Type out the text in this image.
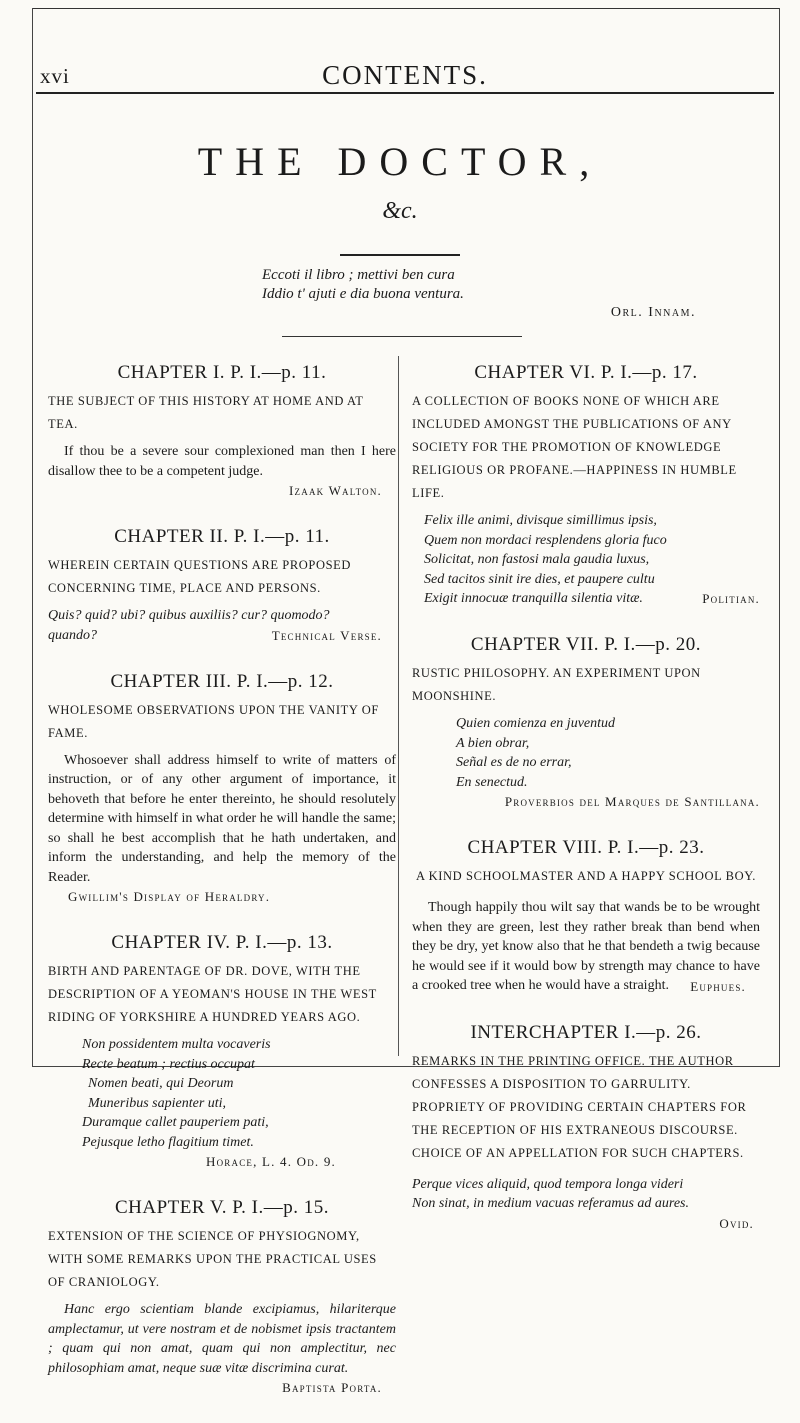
xvi	CONTENTS.
THE DOCTOR,
&c.
Eccoti il libro ; mettivi ben cura
Iddio t' ajuti e dia buona ventura.
Orl. Innam.
CHAPTER I. P. I.—p. 11.
THE SUBJECT OF THIS HISTORY AT HOME AND AT TEA.
If thou be a severe sour complexioned man then I here disallow thee to be a competent judge.
Izaak Walton.
CHAPTER II. P. I.—p. 11.
WHEREIN CERTAIN QUESTIONS ARE PROPOSED CONCERNING TIME, PLACE AND PERSONS.
Quis? quid? ubi? quibus auxiliis? cur? quomodo?
quando?	Technical Verse.
CHAPTER III. P. I.—p. 12.
WHOLESOME OBSERVATIONS UPON THE VANITY OF FAME.
Whosoever shall address himself to write of matters of instruction, or of any other argument of importance, it behoveth that before he enter thereinto, he should resolutely determine with himself in what order he will handle the same; so shall he best accomplish that he hath undertaken, and inform the understanding, and help the memory of the Reader.
Gwillim's Display of Heraldry.
CHAPTER IV. P. I.—p. 13.
BIRTH AND PARENTAGE OF DR. DOVE, WITH THE DESCRIPTION OF A YEOMAN'S HOUSE IN THE WEST RIDING OF YORKSHIRE A HUNDRED YEARS AGO.
Non possidentem multa vocaveris
Recte beatum ; rectius occupat
Nomen beati, qui Deorum
Muneribus sapienter uti,
Duramque callet pauperiem pati,
Pejusque letho flagitium timet.
Horace, L. 4. Od. 9.
CHAPTER V. P. I.—p. 15.
EXTENSION OF THE SCIENCE OF PHYSIOGNOMY, WITH SOME REMARKS UPON THE PRACTICAL USES OF CRANIOLOGY.
Hanc ergo scientiam blande excipiamus, hilariterque amplectamur, ut vere nostram et de nobismet ipsis tractantem ; quam qui non amat, quam qui non amplectitur, nec philosophiam amat, neque suæ vitæ discrimina curat.
Baptista Porta.
CHAPTER VI. P. I.—p. 17.
A COLLECTION OF BOOKS NONE OF WHICH ARE INCLUDED AMONGST THE PUBLICATIONS OF ANY SOCIETY FOR THE PROMOTION OF KNOWLEDGE RELIGIOUS OR PROFANE.—HAPPINESS IN HUMBLE LIFE.
Felix ille animi, divisque simillimus ipsis,
Quem non mordaci resplendens gloria fuco
Solicitat, non fastosi mala gaudia luxus,
Sed tacitos sinit ire dies, et paupere cultu
Exigit innocuæ tranquilla silentia vitæ.	Politian.
CHAPTER VII. P. I.—p. 20.
RUSTIC PHILOSOPHY. AN EXPERIMENT UPON MOONSHINE.
Quien comienza en juventud
A bien obrar,
Señal es de no errar,
En senectud.
Proverbios del Marques de Santillana.
CHAPTER VIII. P. I.—p. 23.
A KIND SCHOOLMASTER AND A HAPPY SCHOOL BOY.
Though happily thou wilt say that wands be to be wrought when they are green, lest they rather break than bend when they be dry, yet know also that he that bendeth a twig because he would see if it would bow by strength may chance to have a crooked tree when he would have a straight.	Euphues.
INTERCHAPTER I.—p. 26.
REMARKS IN THE PRINTING OFFICE. THE AUTHOR CONFESSES A DISPOSITION TO GARRULITY. PROPRIETY OF PROVIDING CERTAIN CHAPTERS FOR THE RECEPTION OF HIS EXTRANEOUS DISCOURSE. CHOICE OF AN APPELLATION FOR SUCH CHAPTERS.
Perque vices aliquid, quod tempora longa videri
Non sinat, in medium vacuas referamus ad aures.
Ovid.
